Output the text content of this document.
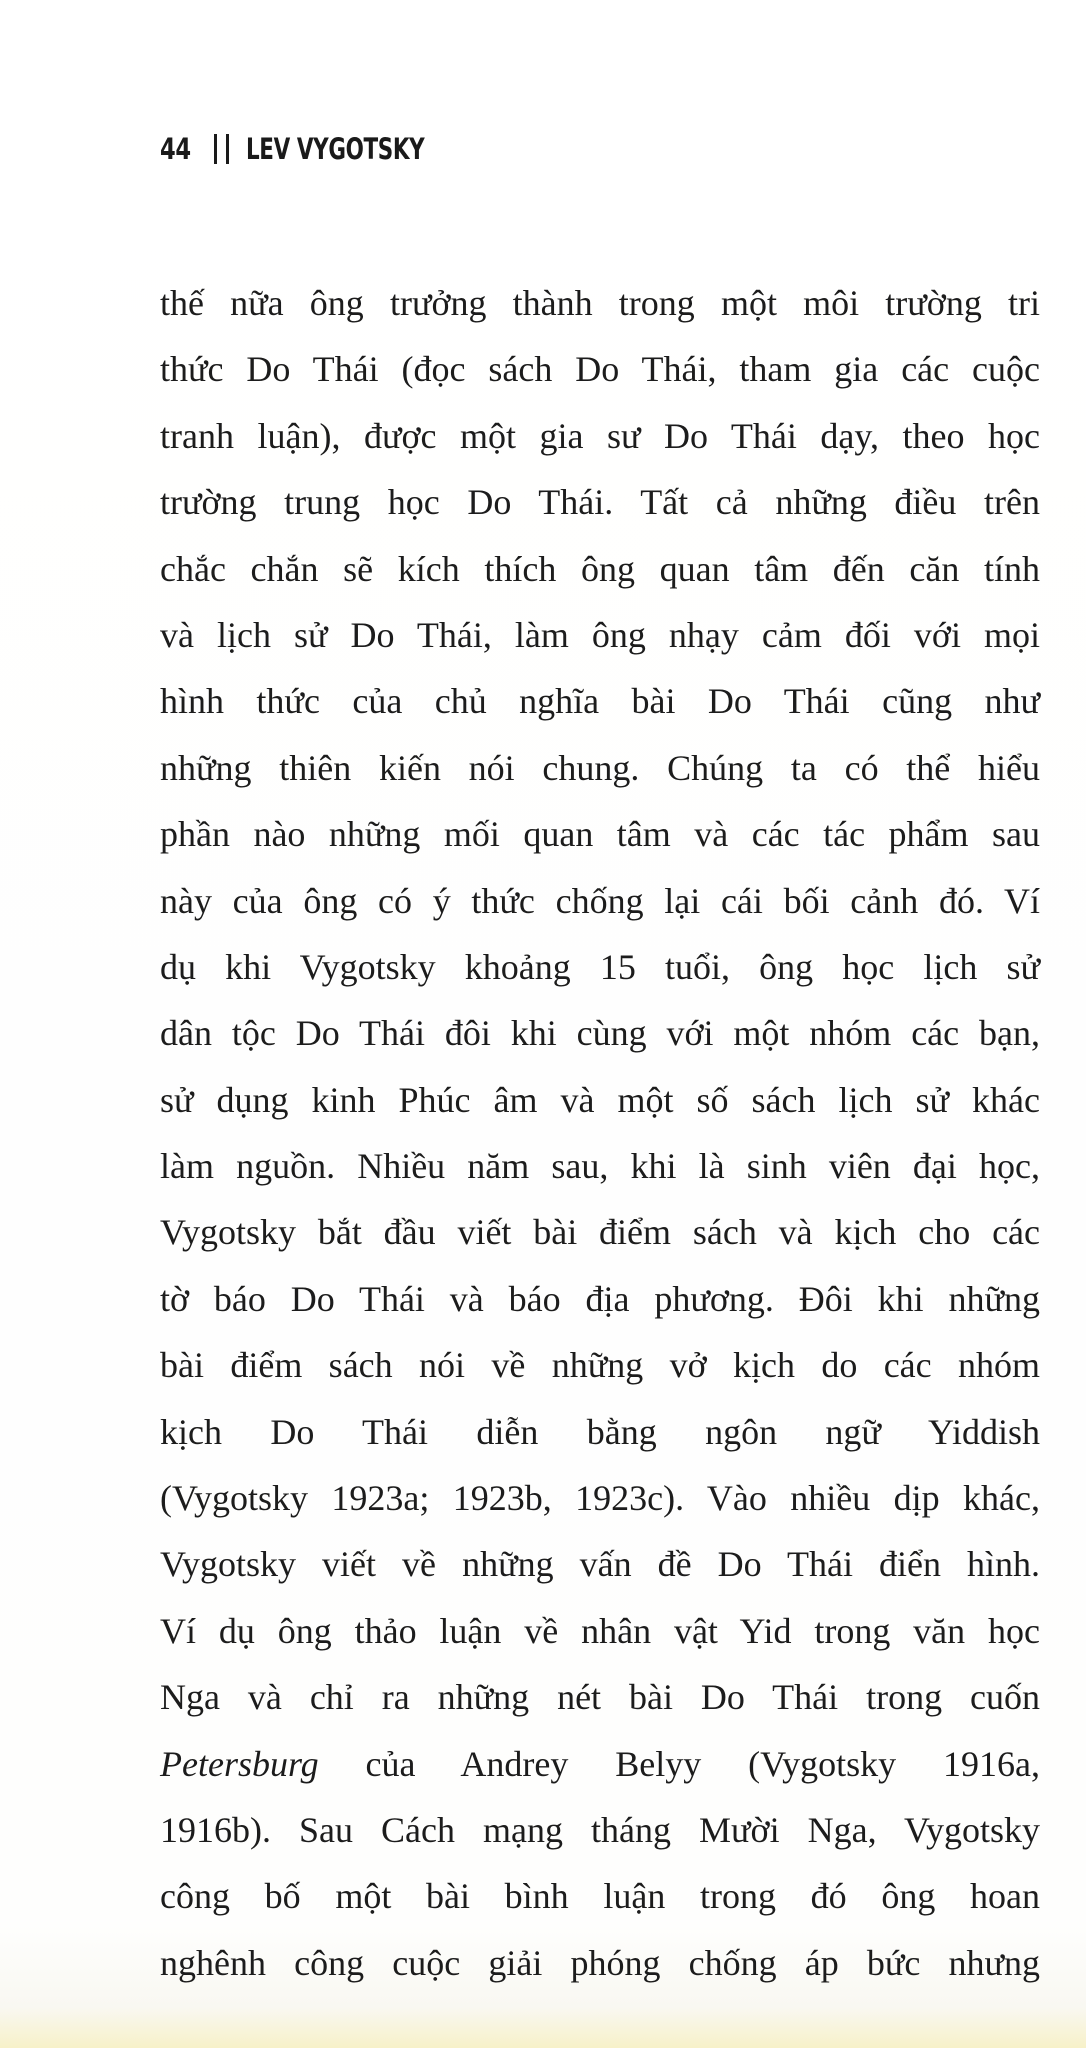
44 LEV VYGOTSKY
thế nữa ông trưởng thành trong một môi trường tri
thức Do Thái (đọc sách Do Thái, tham gia các cuộc
tranh luận), được một gia sư Do Thái dạy, theo học
trường trung học Do Thái. Tất cả những điều trên
chắc chắn sẽ kích thích ông quan tâm đến căn tính
và lịch sử Do Thái, làm ông nhạy cảm đối với mọi
hình thức của chủ nghĩa bài Do Thái cũng như
những thiên kiến nói chung. Chúng ta có thể hiểu
phần nào những mối quan tâm và các tác phẩm sau
này của ông có ý thức chống lại cái bối cảnh đó. Ví
dụ khi Vygotsky khoảng 15 tuổi, ông học lịch sử
dân tộc Do Thái đôi khi cùng với một nhóm các bạn,
sử dụng kinh Phúc âm và một số sách lịch sử khác
làm nguồn. Nhiều năm sau, khi là sinh viên đại học,
Vygotsky bắt đầu viết bài điểm sách và kịch cho các
tờ báo Do Thái và báo địa phương. Đôi khi những
bài điểm sách nói về những vở kịch do các nhóm
kịch Do Thái diễn bằng ngôn ngữ Yiddish
(Vygotsky 1923a; 1923b, 1923c). Vào nhiều dịp khác,
Vygotsky viết về những vấn đề Do Thái điển hình.
Ví dụ ông thảo luận về nhân vật Yid trong văn học
Nga và chỉ ra những nét bài Do Thái trong cuốn
Petersburg của Andrey Belyy (Vygotsky 1916a,
1916b). Sau Cách mạng tháng Mười Nga, Vygotsky
công bố một bài bình luận trong đó ông hoan
nghênh công cuộc giải phóng chống áp bức nhưng
